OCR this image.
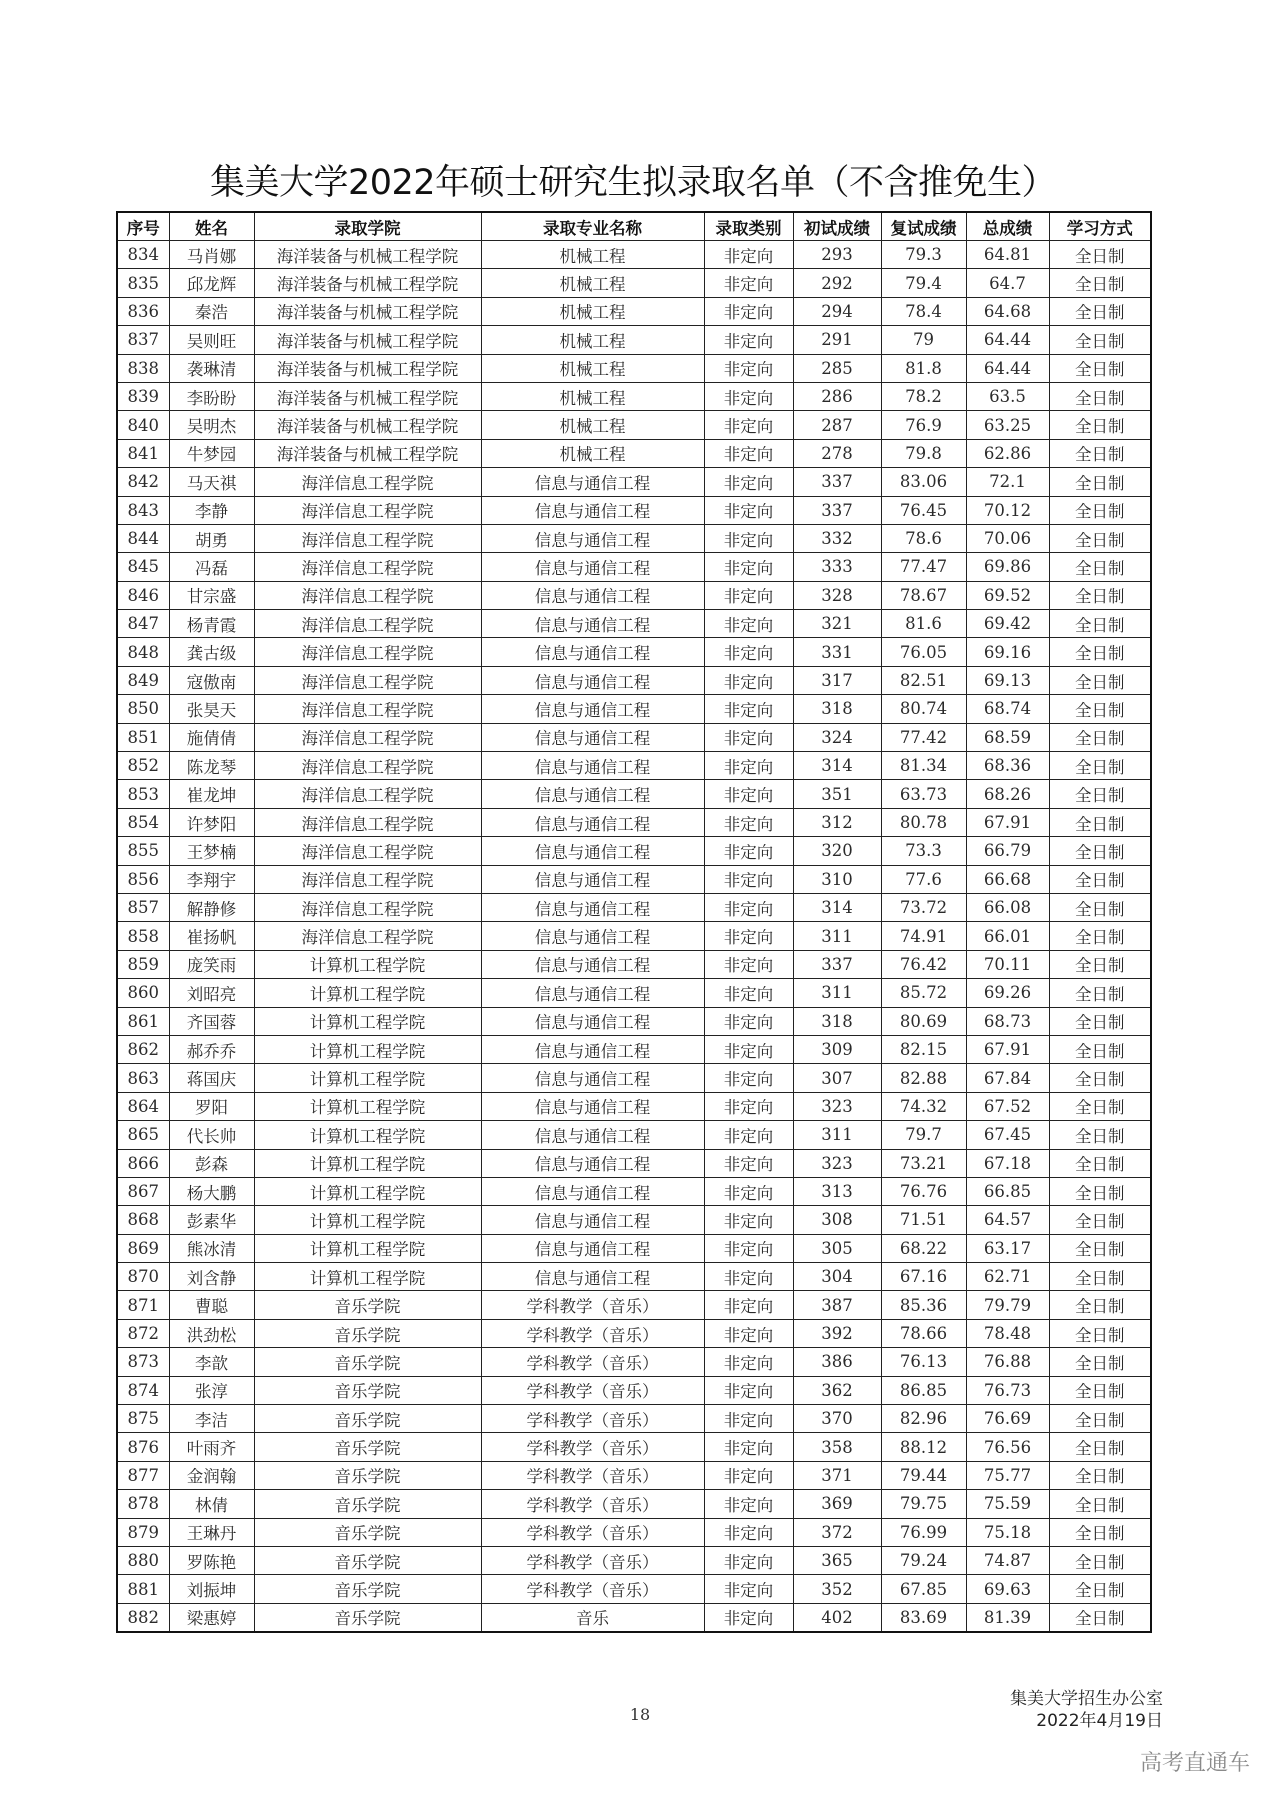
集美大学2022年硕士研究生拟录取名单（不含推免生）
序号	姓名	录取学院	录取专业名称	录取类别	初试成绩	复试成绩	总成绩	学习方式
834	马肖娜	海洋装备与机械工程学院	机械工程	非定向	293	79.3	64.81	全日制
835	邱龙辉	海洋装备与机械工程学院	机械工程	非定向	292	79.4	64.7	全日制
836	秦浩	海洋装备与机械工程学院	机械工程	非定向	294	78.4	64.68	全日制
837	吴则旺	海洋装备与机械工程学院	机械工程	非定向	291	79	64.44	全日制
838	袭琳清	海洋装备与机械工程学院	机械工程	非定向	285	81.8	64.44	全日制
839	李盼盼	海洋装备与机械工程学院	机械工程	非定向	286	78.2	63.5	全日制
840	吴明杰	海洋装备与机械工程学院	机械工程	非定向	287	76.9	63.25	全日制
841	牛梦园	海洋装备与机械工程学院	机械工程	非定向	278	79.8	62.86	全日制
842	马天祺	海洋信息工程学院	信息与通信工程	非定向	337	83.06	72.1	全日制
843	李静	海洋信息工程学院	信息与通信工程	非定向	337	76.45	70.12	全日制
844	胡勇	海洋信息工程学院	信息与通信工程	非定向	332	78.6	70.06	全日制
845	冯磊	海洋信息工程学院	信息与通信工程	非定向	333	77.47	69.86	全日制
846	甘宗盛	海洋信息工程学院	信息与通信工程	非定向	328	78.67	69.52	全日制
847	杨青霞	海洋信息工程学院	信息与通信工程	非定向	321	81.6	69.42	全日制
848	龚古级	海洋信息工程学院	信息与通信工程	非定向	331	76.05	69.16	全日制
849	寇傲南	海洋信息工程学院	信息与通信工程	非定向	317	82.51	69.13	全日制
850	张昊天	海洋信息工程学院	信息与通信工程	非定向	318	80.74	68.74	全日制
851	施倩倩	海洋信息工程学院	信息与通信工程	非定向	324	77.42	68.59	全日制
852	陈龙琴	海洋信息工程学院	信息与通信工程	非定向	314	81.34	68.36	全日制
853	崔龙坤	海洋信息工程学院	信息与通信工程	非定向	351	63.73	68.26	全日制
854	许梦阳	海洋信息工程学院	信息与通信工程	非定向	312	80.78	67.91	全日制
855	王梦楠	海洋信息工程学院	信息与通信工程	非定向	320	73.3	66.79	全日制
856	李翔宇	海洋信息工程学院	信息与通信工程	非定向	310	77.6	66.68	全日制
857	解静修	海洋信息工程学院	信息与通信工程	非定向	314	73.72	66.08	全日制
858	崔扬帆	海洋信息工程学院	信息与通信工程	非定向	311	74.91	66.01	全日制
859	庞笑雨	计算机工程学院	信息与通信工程	非定向	337	76.42	70.11	全日制
860	刘昭亮	计算机工程学院	信息与通信工程	非定向	311	85.72	69.26	全日制
861	齐国蓉	计算机工程学院	信息与通信工程	非定向	318	80.69	68.73	全日制
862	郝乔乔	计算机工程学院	信息与通信工程	非定向	309	82.15	67.91	全日制
863	蒋国庆	计算机工程学院	信息与通信工程	非定向	307	82.88	67.84	全日制
864	罗阳	计算机工程学院	信息与通信工程	非定向	323	74.32	67.52	全日制
865	代长帅	计算机工程学院	信息与通信工程	非定向	311	79.7	67.45	全日制
866	彭森	计算机工程学院	信息与通信工程	非定向	323	73.21	67.18	全日制
867	杨大鹏	计算机工程学院	信息与通信工程	非定向	313	76.76	66.85	全日制
868	彭素华	计算机工程学院	信息与通信工程	非定向	308	71.51	64.57	全日制
869	熊冰清	计算机工程学院	信息与通信工程	非定向	305	68.22	63.17	全日制
870	刘含静	计算机工程学院	信息与通信工程	非定向	304	67.16	62.71	全日制
871	曹聪	音乐学院	学科教学（音乐）	非定向	387	85.36	79.79	全日制
872	洪劲松	音乐学院	学科教学（音乐）	非定向	392	78.66	78.48	全日制
873	李歆	音乐学院	学科教学（音乐）	非定向	386	76.13	76.88	全日制
874	张淳	音乐学院	学科教学（音乐）	非定向	362	86.85	76.73	全日制
875	李洁	音乐学院	学科教学（音乐）	非定向	370	82.96	76.69	全日制
876	叶雨齐	音乐学院	学科教学（音乐）	非定向	358	88.12	76.56	全日制
877	金润翰	音乐学院	学科教学（音乐）	非定向	371	79.44	75.77	全日制
878	林倩	音乐学院	学科教学（音乐）	非定向	369	79.75	75.59	全日制
879	王琳丹	音乐学院	学科教学（音乐）	非定向	372	76.99	75.18	全日制
880	罗陈艳	音乐学院	学科教学（音乐）	非定向	365	79.24	74.87	全日制
881	刘振坤	音乐学院	学科教学（音乐）	非定向	352	67.85	69.63	全日制
882	梁惠婷	音乐学院	音乐	非定向	402	83.69	81.39	全日制
18
集美大学招生办公室
2022年4月19日
高考直通车
